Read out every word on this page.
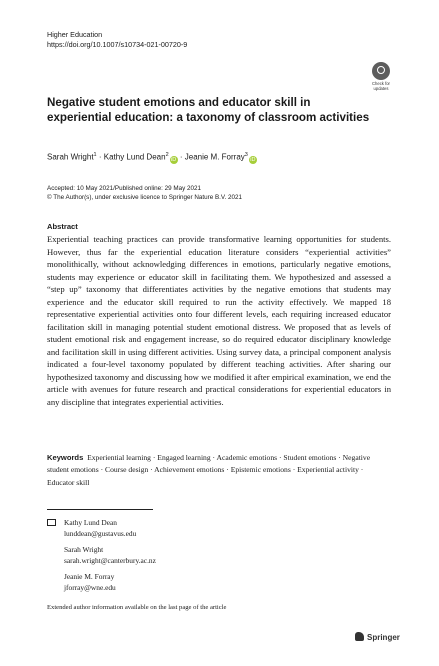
Higher Education
https://doi.org/10.1007/s10734-021-00720-9
Check for
updates
Negative student emotions and educator skill in experiential education: a taxonomy of classroom activities
Sarah Wright$^1$ · Kathy Lund Dean$^2$iD · Jeanie M. Forray$^3$iD
Accepted: 10 May 2021/Published online: 29 May 2021
© The Author(s), under exclusive licence to Springer Nature B.V. 2021
Abstract
Experiential teaching practices can provide transformative learning opportunities for students. However, thus far the experiential education literature considers “experiential activities” monolithically, without acknowledging differences in emotions, particularly negative emotions, students may experience or educator skill in facilitating them. We hypothesized and assessed a “step up” taxonomy that differentiates activities by the negative emotions that students may experience and the educator skill required to run the activity effectively. We mapped 18 representative experiential activities onto four different levels, each requiring increased educator facilitation skill in managing potential student emotional distress. We proposed that as levels of student emotional risk and engagement increase, so do required educator disciplinary knowledge and facilitation skill in using different activities. Using survey data, a principal component analysis indicated a four-level taxonomy populated by different teaching activities. After sharing our hypothesized taxonomy and discussing how we modified it after empirical examination, we end the article with avenues for future research and practical considerations for experiential educators in any discipline that integrates experiential activities.
Keywords Experiential learning · Engaged learning · Academic emotions · Student emotions · Negative student emotions · Course design · Achievement emotions · Epistemic emotions · Experiential activity · Educator skill
Kathy Lund Dean
lunddean@gustavus.edu
Sarah Wright
sarah.wright@canterbury.ac.nz
Jeanie M. Forray
jforray@wne.edu
Extended author information available on the last page of the article
Springer
